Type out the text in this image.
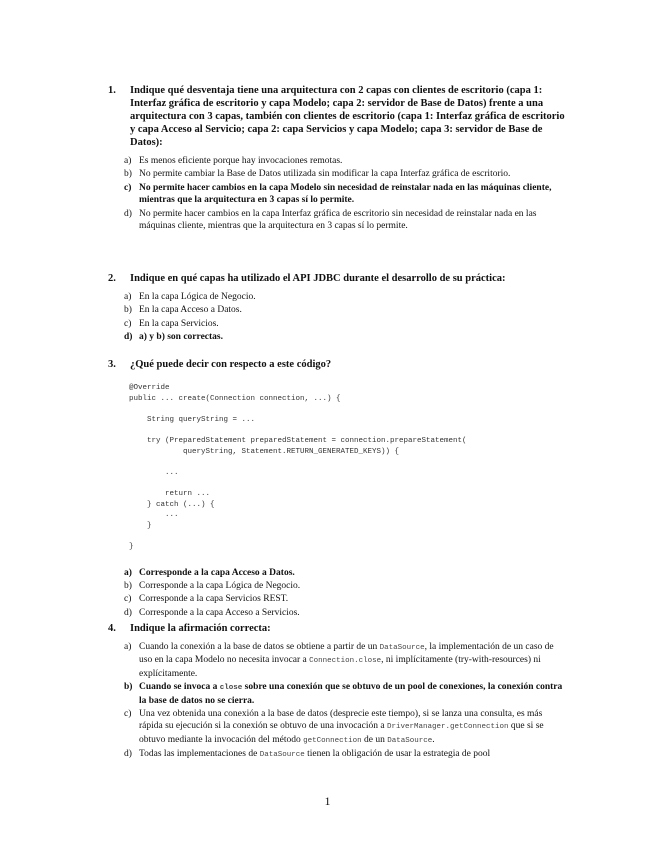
1.	Indique qué desventaja tiene una arquitectura con 2 capas con clientes de escritorio (capa 1: Interfaz gráfica de escritorio y capa Modelo; capa 2: servidor de Base de Datos) frente a una arquitectura con 3 capas, también con clientes de escritorio (capa 1: Interfaz gráfica de escritorio y capa Acceso al Servicio; capa 2: capa Servicios y capa Modelo; capa 3: servidor de Base de Datos):
a) Es menos eficiente porque hay invocaciones remotas.
b) No permite cambiar la Base de Datos utilizada sin modificar la capa Interfaz gráfica de escritorio.
c) No permite hacer cambios en la capa Modelo sin necesidad de reinstalar nada en las máquinas cliente, mientras que la arquitectura en 3 capas sí lo permite.
d) No permite hacer cambios en la capa Interfaz gráfica de escritorio sin necesidad de reinstalar nada en las máquinas cliente, mientras que la arquitectura en 3 capas sí lo permite.
2.	Indique en qué capas ha utilizado el API JDBC durante el desarrollo de su práctica:
a) En la capa Lógica de Negocio.
b) En la capa Acceso a Datos.
c) En la capa Servicios.
d) a) y b) son correctas.
3.	¿Qué puede decir con respecto a este código?
@Override
public ... create(Connection connection, ...) {

String queryString = ...

try (PreparedStatement preparedStatement = connection.prepareStatement(
queryString, Statement.RETURN_GENERATED_KEYS)) {

...

return ...
} catch (...) {
...
}

}
a) Corresponde a la capa Acceso a Datos.
b) Corresponde a la capa Lógica de Negocio.
c) Corresponde a la capa Servicios REST.
d) Corresponde a la capa Acceso a Servicios.
4.	Indique la afirmación correcta:
a) Cuando la conexión a la base de datos se obtiene a partir de un DataSource, la implementación de un caso de uso en la capa Modelo no necesita invocar a Connection.close, ni implícitamente (try-with-resources) ni explícitamente.
b) Cuando se invoca a close sobre una conexión que se obtuvo de un pool de conexiones, la conexión contra la base de datos no se cierra.
c) Una vez obtenida una conexión a la base de datos (desprecie este tiempo), si se lanza una consulta, es más rápida su ejecución si la conexión se obtuvo de una invocación a DriverManager.getConnection que si se obtuvo mediante la invocación del método getConnection de un DataSource.
d) Todas las implementaciones de DataSource tienen la obligación de usar la estrategia de pool
1
